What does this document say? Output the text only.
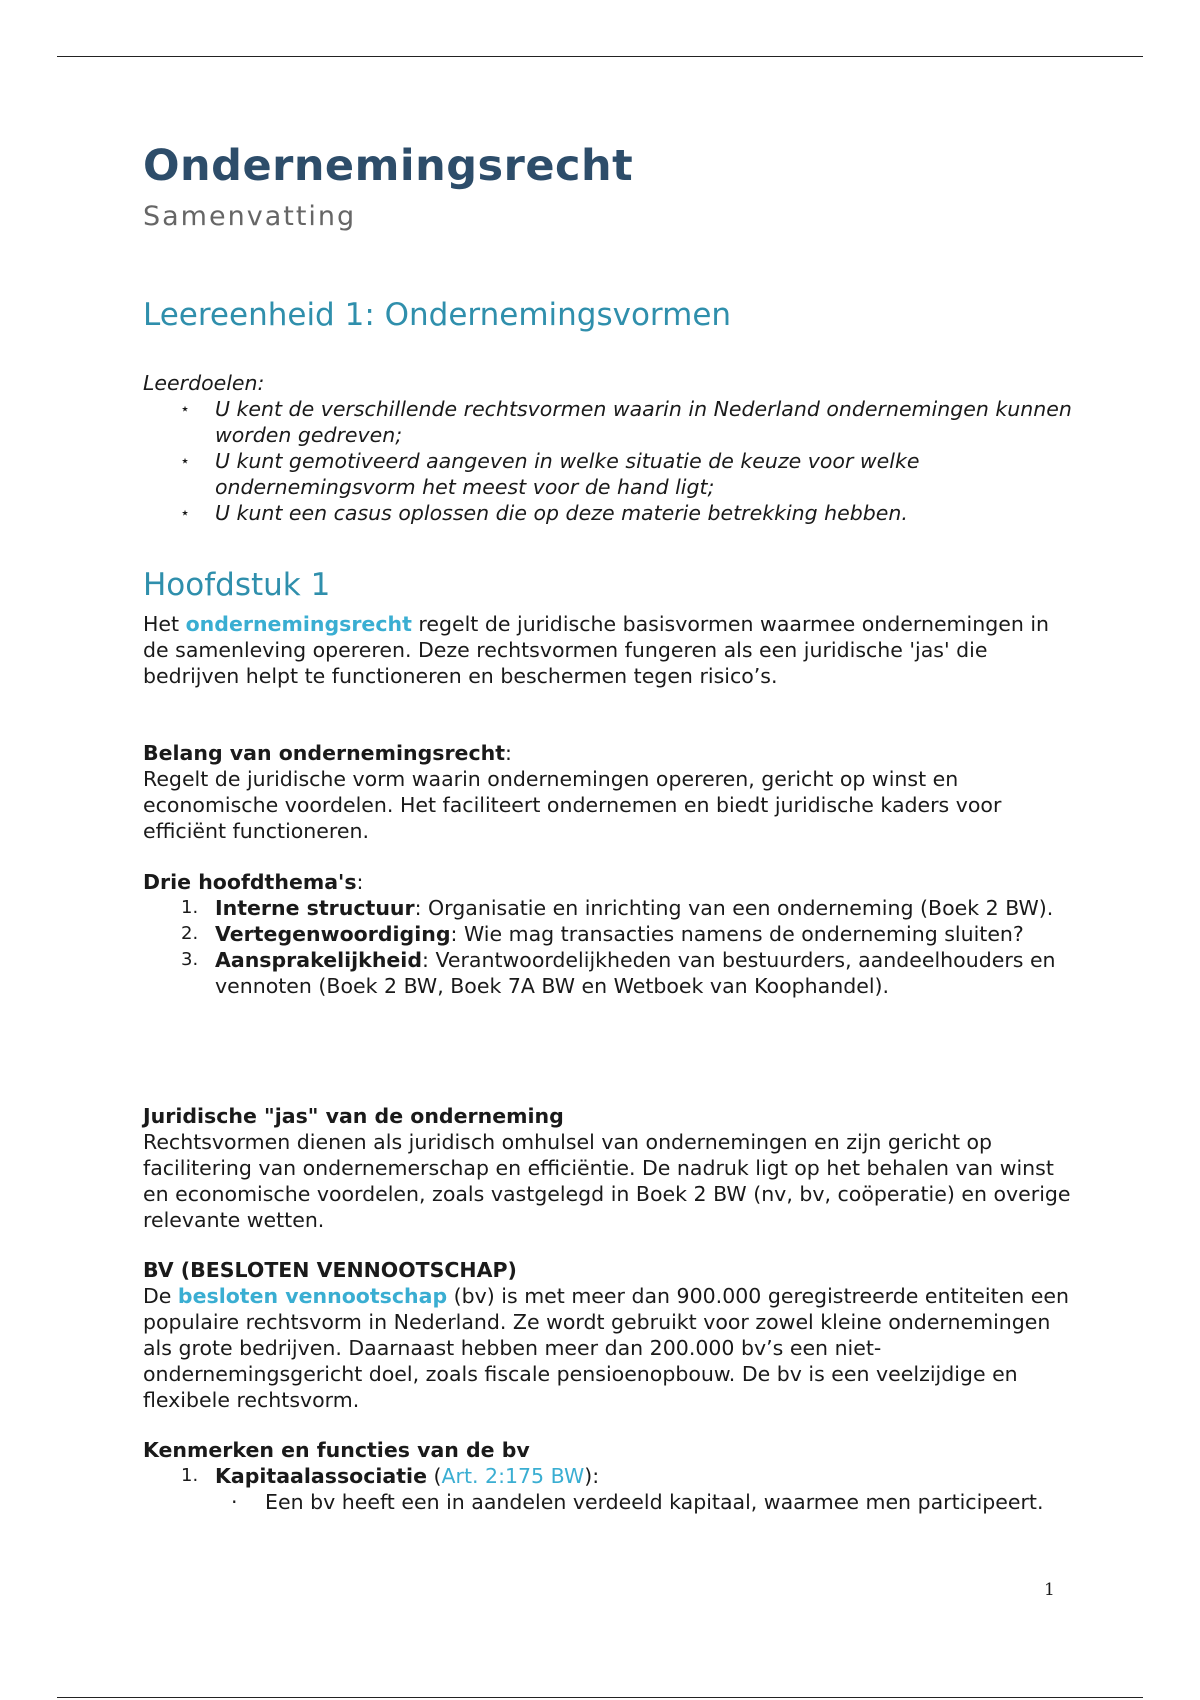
Ondernemingsrecht
Samenvatting
Leereenheid 1: Ondernemingsvormen

Leerdoelen:

⋆ U kent de verschillende rechtsvormen waarin in Nederland ondernemingen kunnen worden gedreven;
⋆ U kunt gemotiveerd aangeven in welke situatie de keuze voor welke ondernemingsvorm het meest voor de hand ligt;
⋆ U kunt een casus oplossen die op deze materie betrekking hebben.
Hoofdstuk 1

Het ondernemingsrecht regelt de juridische basisvormen waarmee ondernemingen in de samenleving opereren. Deze rechtsvormen fungeren als een juridische 'jas' die bedrijven helpt te functioneren en beschermen tegen risico’s.

Belang van ondernemingsrecht:

Regelt de juridische vorm waarin ondernemingen opereren, gericht op winst en economische voordelen. Het faciliteert ondernemen en biedt juridische kaders voor efficiënt functioneren.

Drie hoofdthema's:

1. Interne structuur: Organisatie en inrichting van een onderneming (Boek 2 BW).
2. Vertegenwoordiging: Wie mag transacties namens de onderneming sluiten?
3. Aansprakelijkheid: Verantwoordelijkheden van bestuurders, aandeelhouders en vennoten (Boek 2 BW, Boek 7A BW en Wetboek van Koophandel).

Juridische "jas" van de onderneming

Rechtsvormen dienen als juridisch omhulsel van ondernemingen en zijn gericht op facilitering van ondernemerschap en efficiëntie. De nadruk ligt op het behalen van winst en economische voordelen, zoals vastgelegd in Boek 2 BW (nv, bv, coöperatie) en overige relevante wetten.

BV (BESLOTEN VENNOOTSCHAP)

De besloten vennootschap (bv) is met meer dan 900.000 geregistreerde entiteiten een populaire rechtsvorm in Nederland. Ze wordt gebruikt voor zowel kleine ondernemingen als grote bedrijven. Daarnaast hebben meer dan 200.000 bv’s een niet-ondernemingsgericht doel, zoals fiscale pensioenopbouw. De bv is een veelzijdige en flexibele rechtsvorm.

Kenmerken en functies van de bv

1. Kapitaalassociatie (Art. 2:175 BW):
· Een bv heeft een in aandelen verdeeld kapitaal, waarmee men participeert.
1
